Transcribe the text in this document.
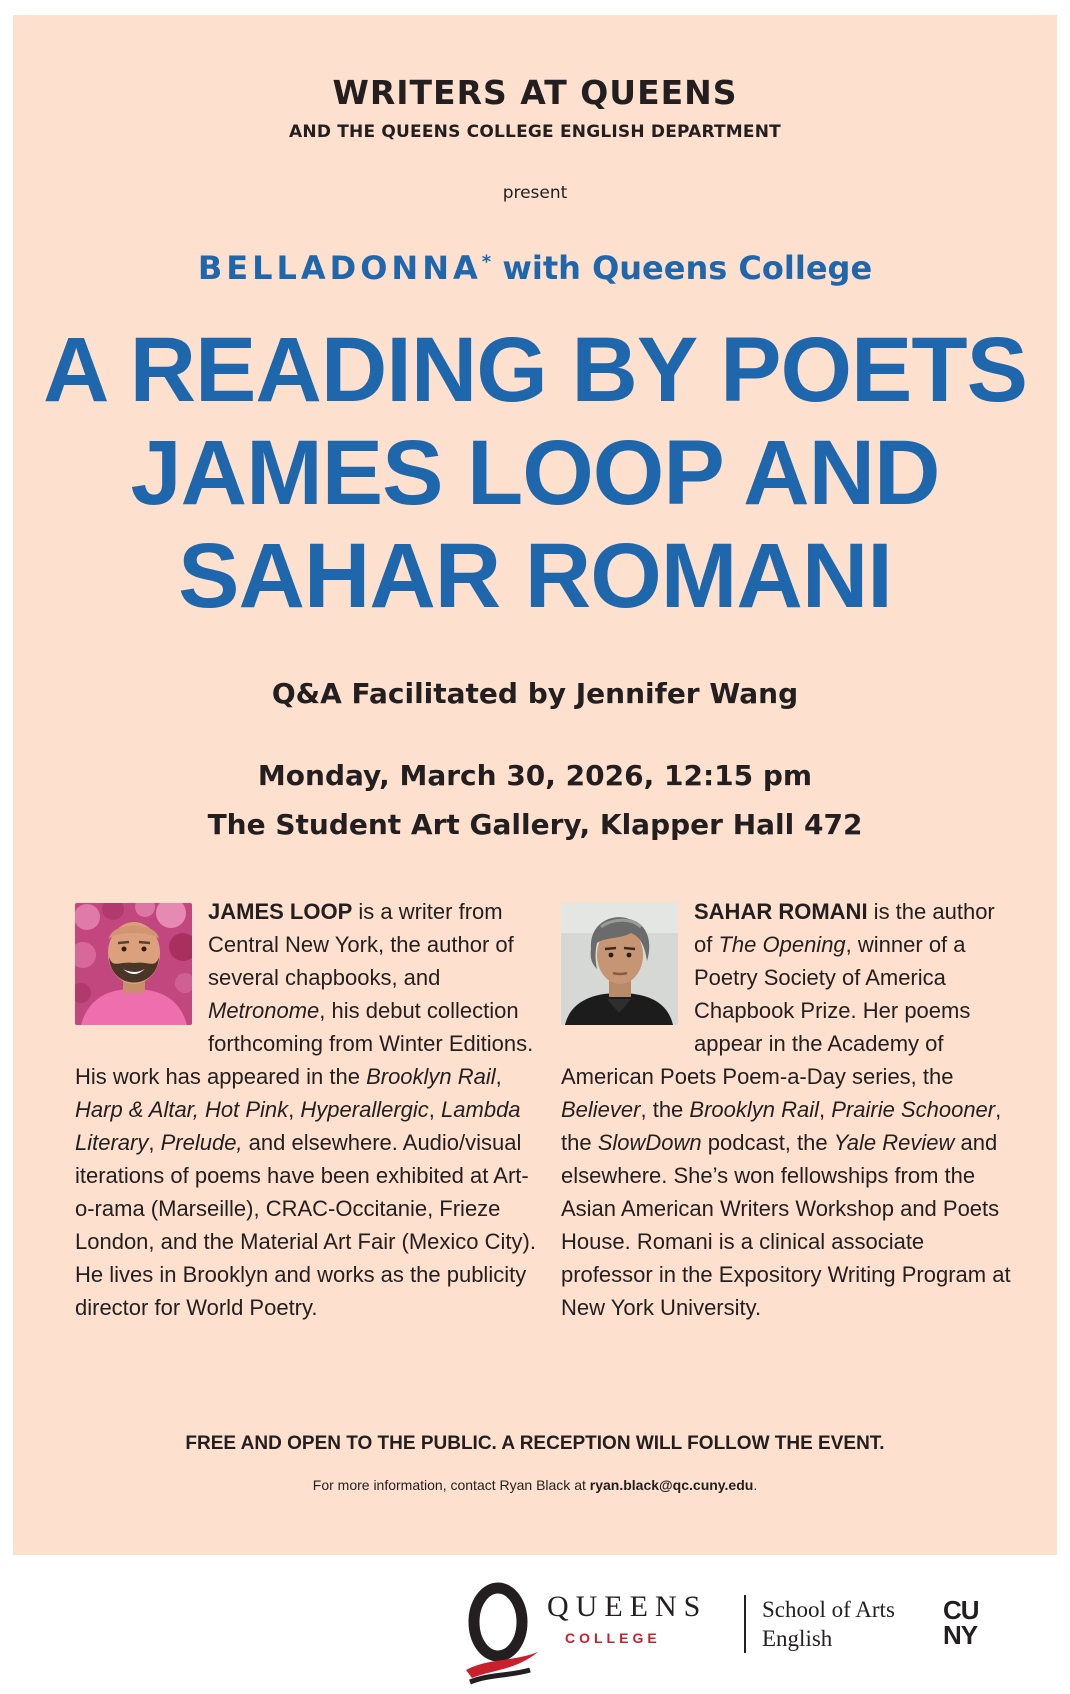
WRITERS AT QUEENS

AND THE QUEENS COLLEGE ENGLISH DEPARTMENT

present

BELLADONNA* with Queens College

A READING BY POETS
JAMES LOOP AND
SAHAR ROMANI

Q&A Facilitated by Jennifer Wang

Monday, March 30, 2026, 12:15 pm

The Student Art Gallery, Klapper Hall 472

JAMES LOOP is a writer from Central New York, the author of several chapbooks, and Metronome, his debut collection forthcoming from Winter Editions. His work has appeared in the Brooklyn Rail, Harp & Altar, Hot Pink, Hyperallergic, Lambda Literary, Prelude, and elsewhere. Audio/visual iterations of poems have been exhibited at Art-o-rama (Marseille), CRAC-Occitanie, Frieze London, and the Material Art Fair (Mexico City). He lives in Brooklyn and works as the publicity director for World Poetry.
SAHAR ROMANI is the author of The Opening, winner of a Poetry Society of America Chapbook Prize. Her poems appear in the Academy of American Poets Poem-a-Day series, the Believer, the Brooklyn Rail, Prairie Schooner, the SlowDown podcast, the Yale Review and elsewhere. She’s won fellowships from the Asian American Writers Workshop and Poets House. Romani is a clinical associate professor in the Expository Writing Program at New York University.

FREE AND OPEN TO THE PUBLIC. A RECEPTION WILL FOLLOW THE EVENT.

For more information, contact Ryan Black at ryan.black@qc.cuny.edu.

QUEENS
COLLEGE
School of Arts
English
CU
NY
